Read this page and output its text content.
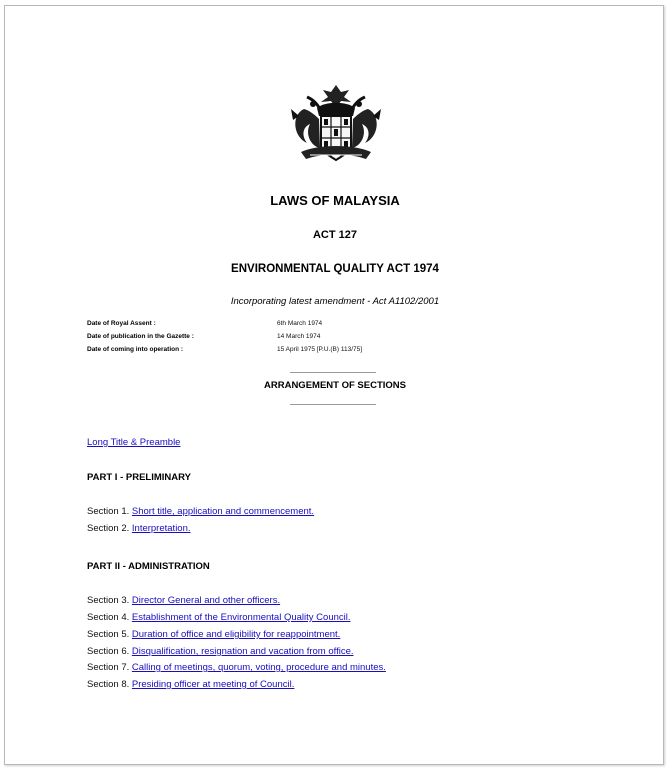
LAWS OF MALAYSIA
ACT 127
ENVIRONMENTAL QUALITY ACT 1974
Incorporating latest amendment - Act A1102/2001
Date of Royal Assent :	6th March 1974
Date of publication in the Gazette :	14 March 1974
Date of coming into operation :	15 April 1975 [P.U.(B) 113/75]
ARRANGEMENT OF SECTIONS
Long Title & Preamble
PART I - PRELIMINARY
Section 1. Short title, application and commencement.
Section 2. Interpretation.
PART II - ADMINISTRATION
Section 3. Director General and other officers.
Section 4. Establishment of the Environmental Quality Council.
Section 5. Duration of office and eligibility for reappointment.
Section 6. Disqualification, resignation and vacation from office.
Section 7. Calling of meetings, quorum, voting, procedure and minutes.
Section 8. Presiding officer at meeting of Council.
